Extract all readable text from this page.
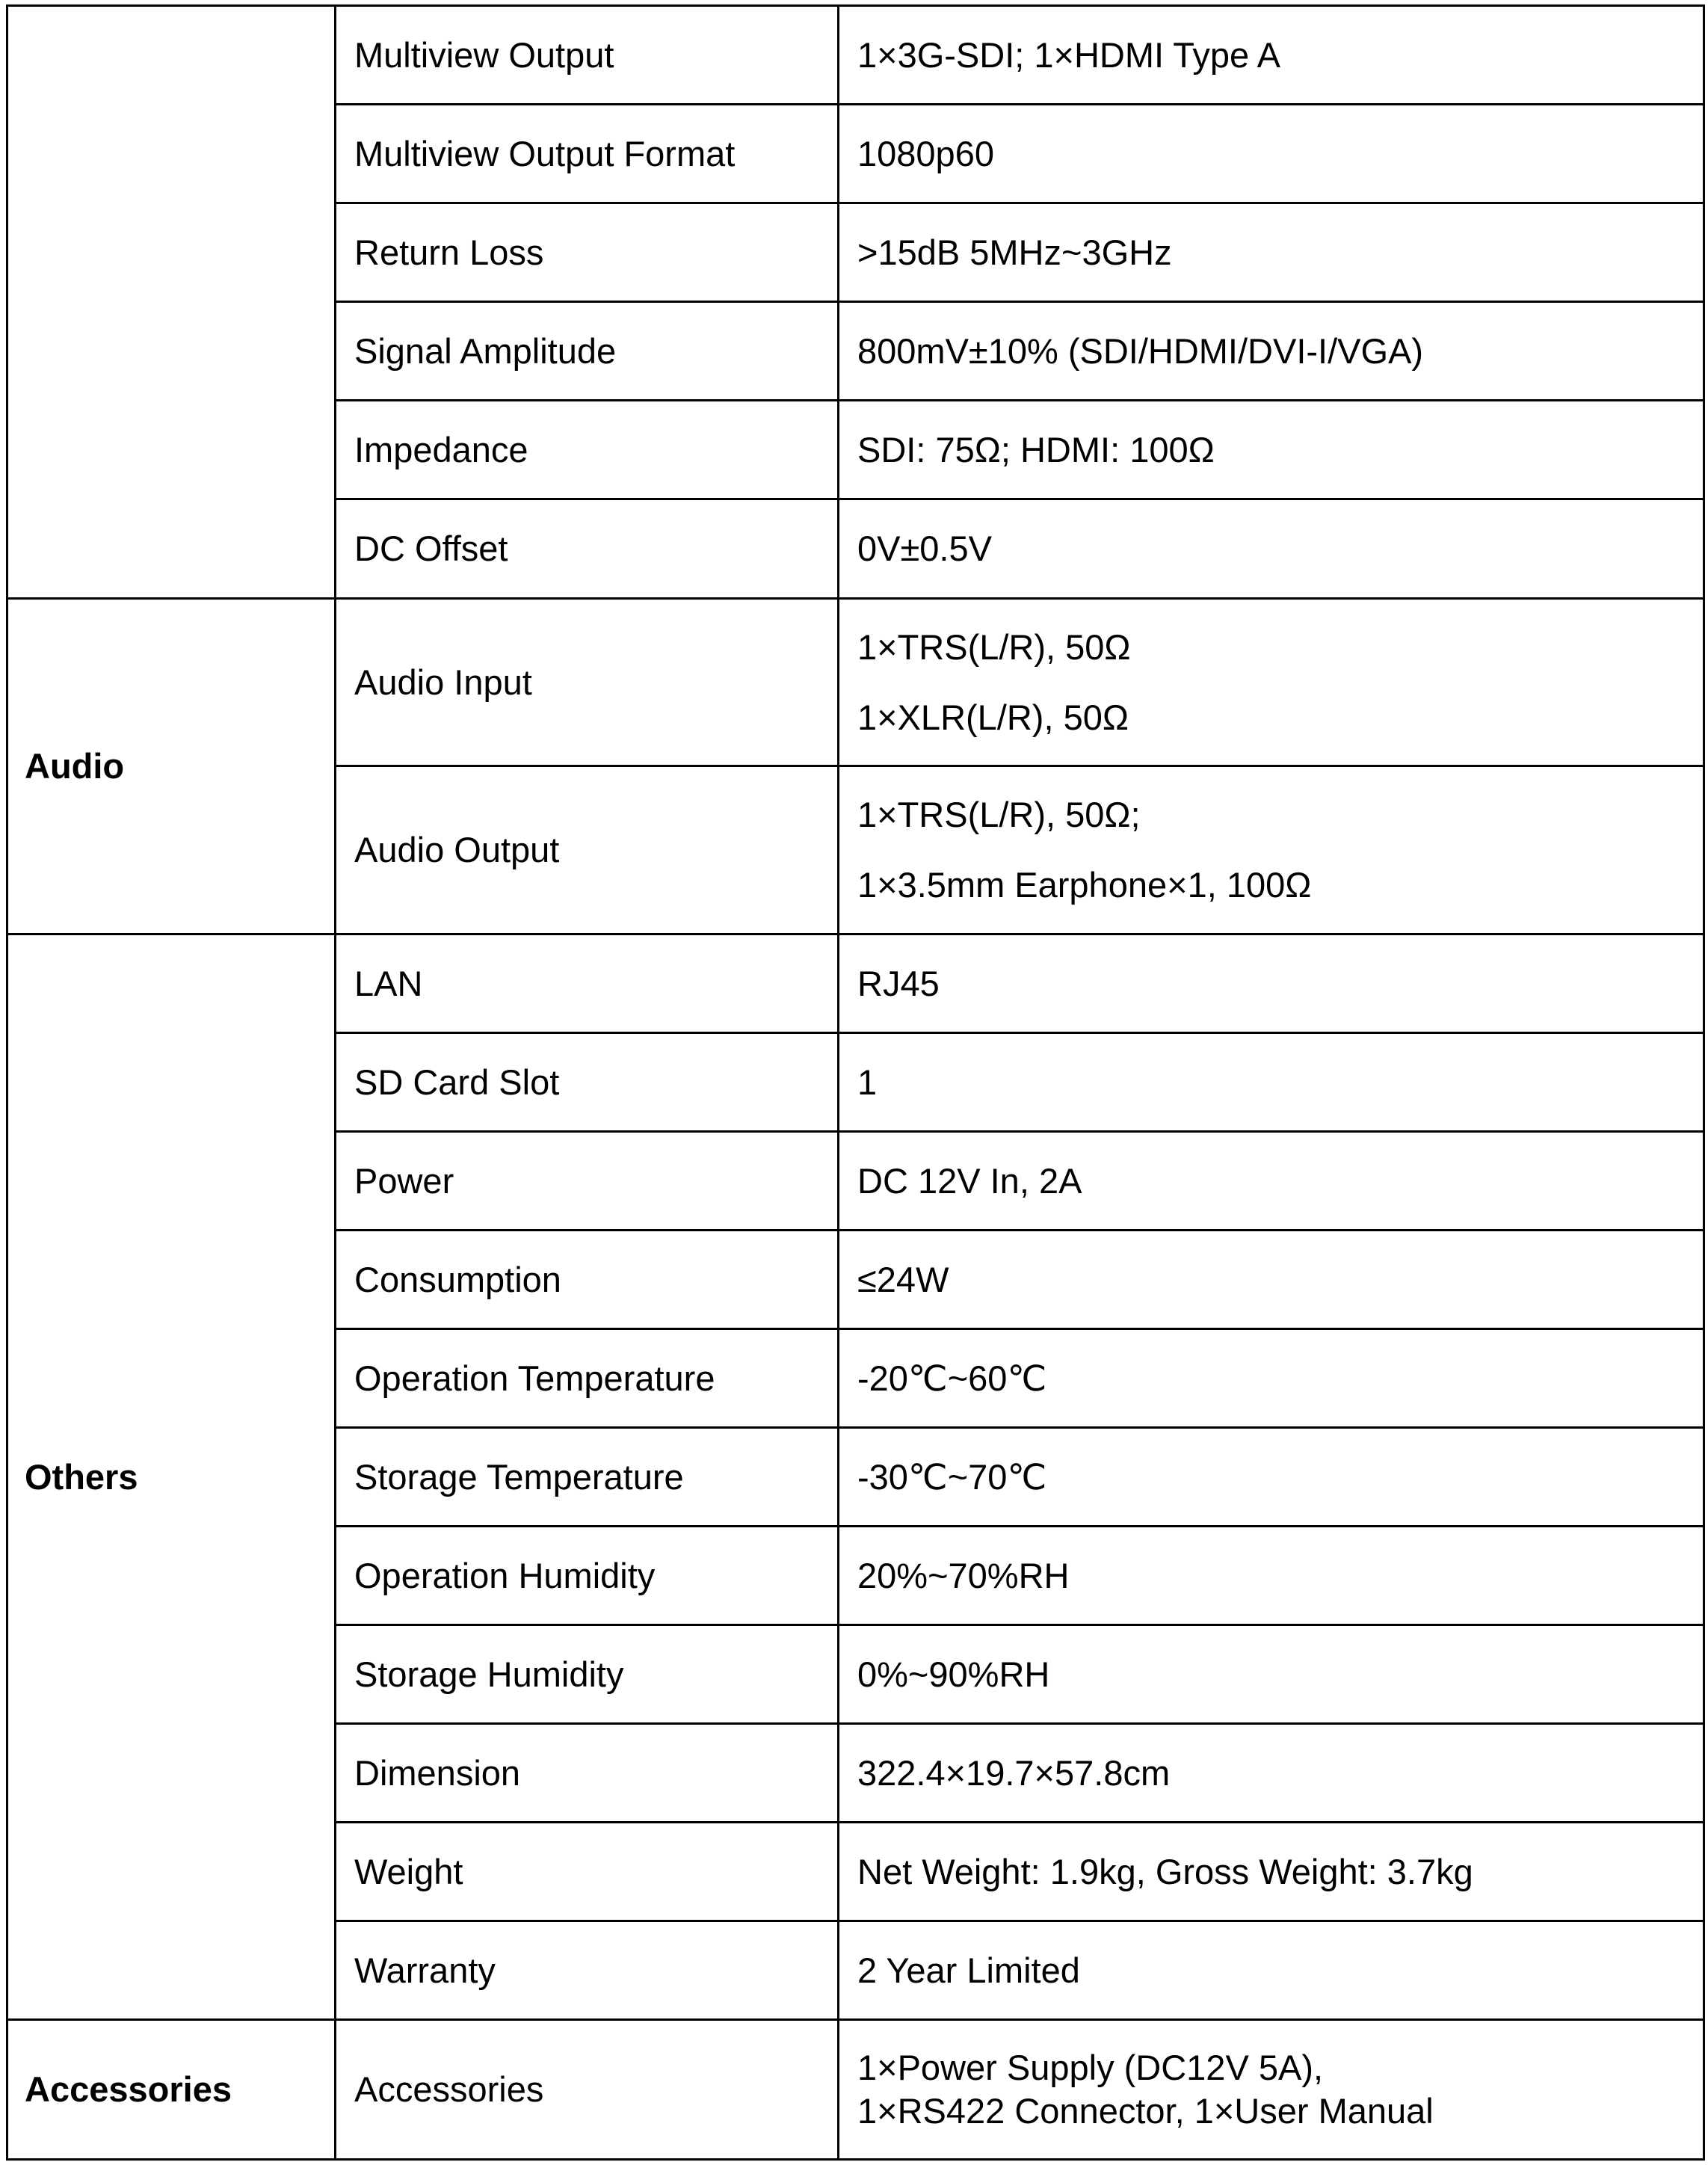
	Multiview Output	1×3G-SDI; 1×HDMI Type A

	Multiview Output Format	1080p60

	Return Loss	>15dB 5MHz~3GHz

	Signal Amplitude	800mV±10% (SDI/HDMI/DVI-I/VGA)

	Impedance	SDI: 75Ω; HDMI: 100Ω

	DC Offset	0V±0.5V

Audio	Audio Input	1×TRS(L/R), 50Ω
1×XLR(L/R), 50Ω

	Audio Output	1×TRS(L/R), 50Ω;
1×3.5mm Earphone×1, 100Ω

Others	LAN	RJ45

	SD Card Slot	1

	Power	DC 12V In, 2A

	Consumption	≤24W

	Operation Temperature	-20℃~60℃

	Storage Temperature	-30℃~70℃

	Operation Humidity	20%~70%RH

	Storage Humidity	0%~90%RH

	Dimension	322.4×19.7×57.8cm

	Weight	Net Weight: 1.9kg, Gross Weight: 3.7kg

	Warranty	2 Year Limited

Accessories	Accessories	1×Power Supply (DC12V 5A),
1×RS422 Connector, 1×User Manual
